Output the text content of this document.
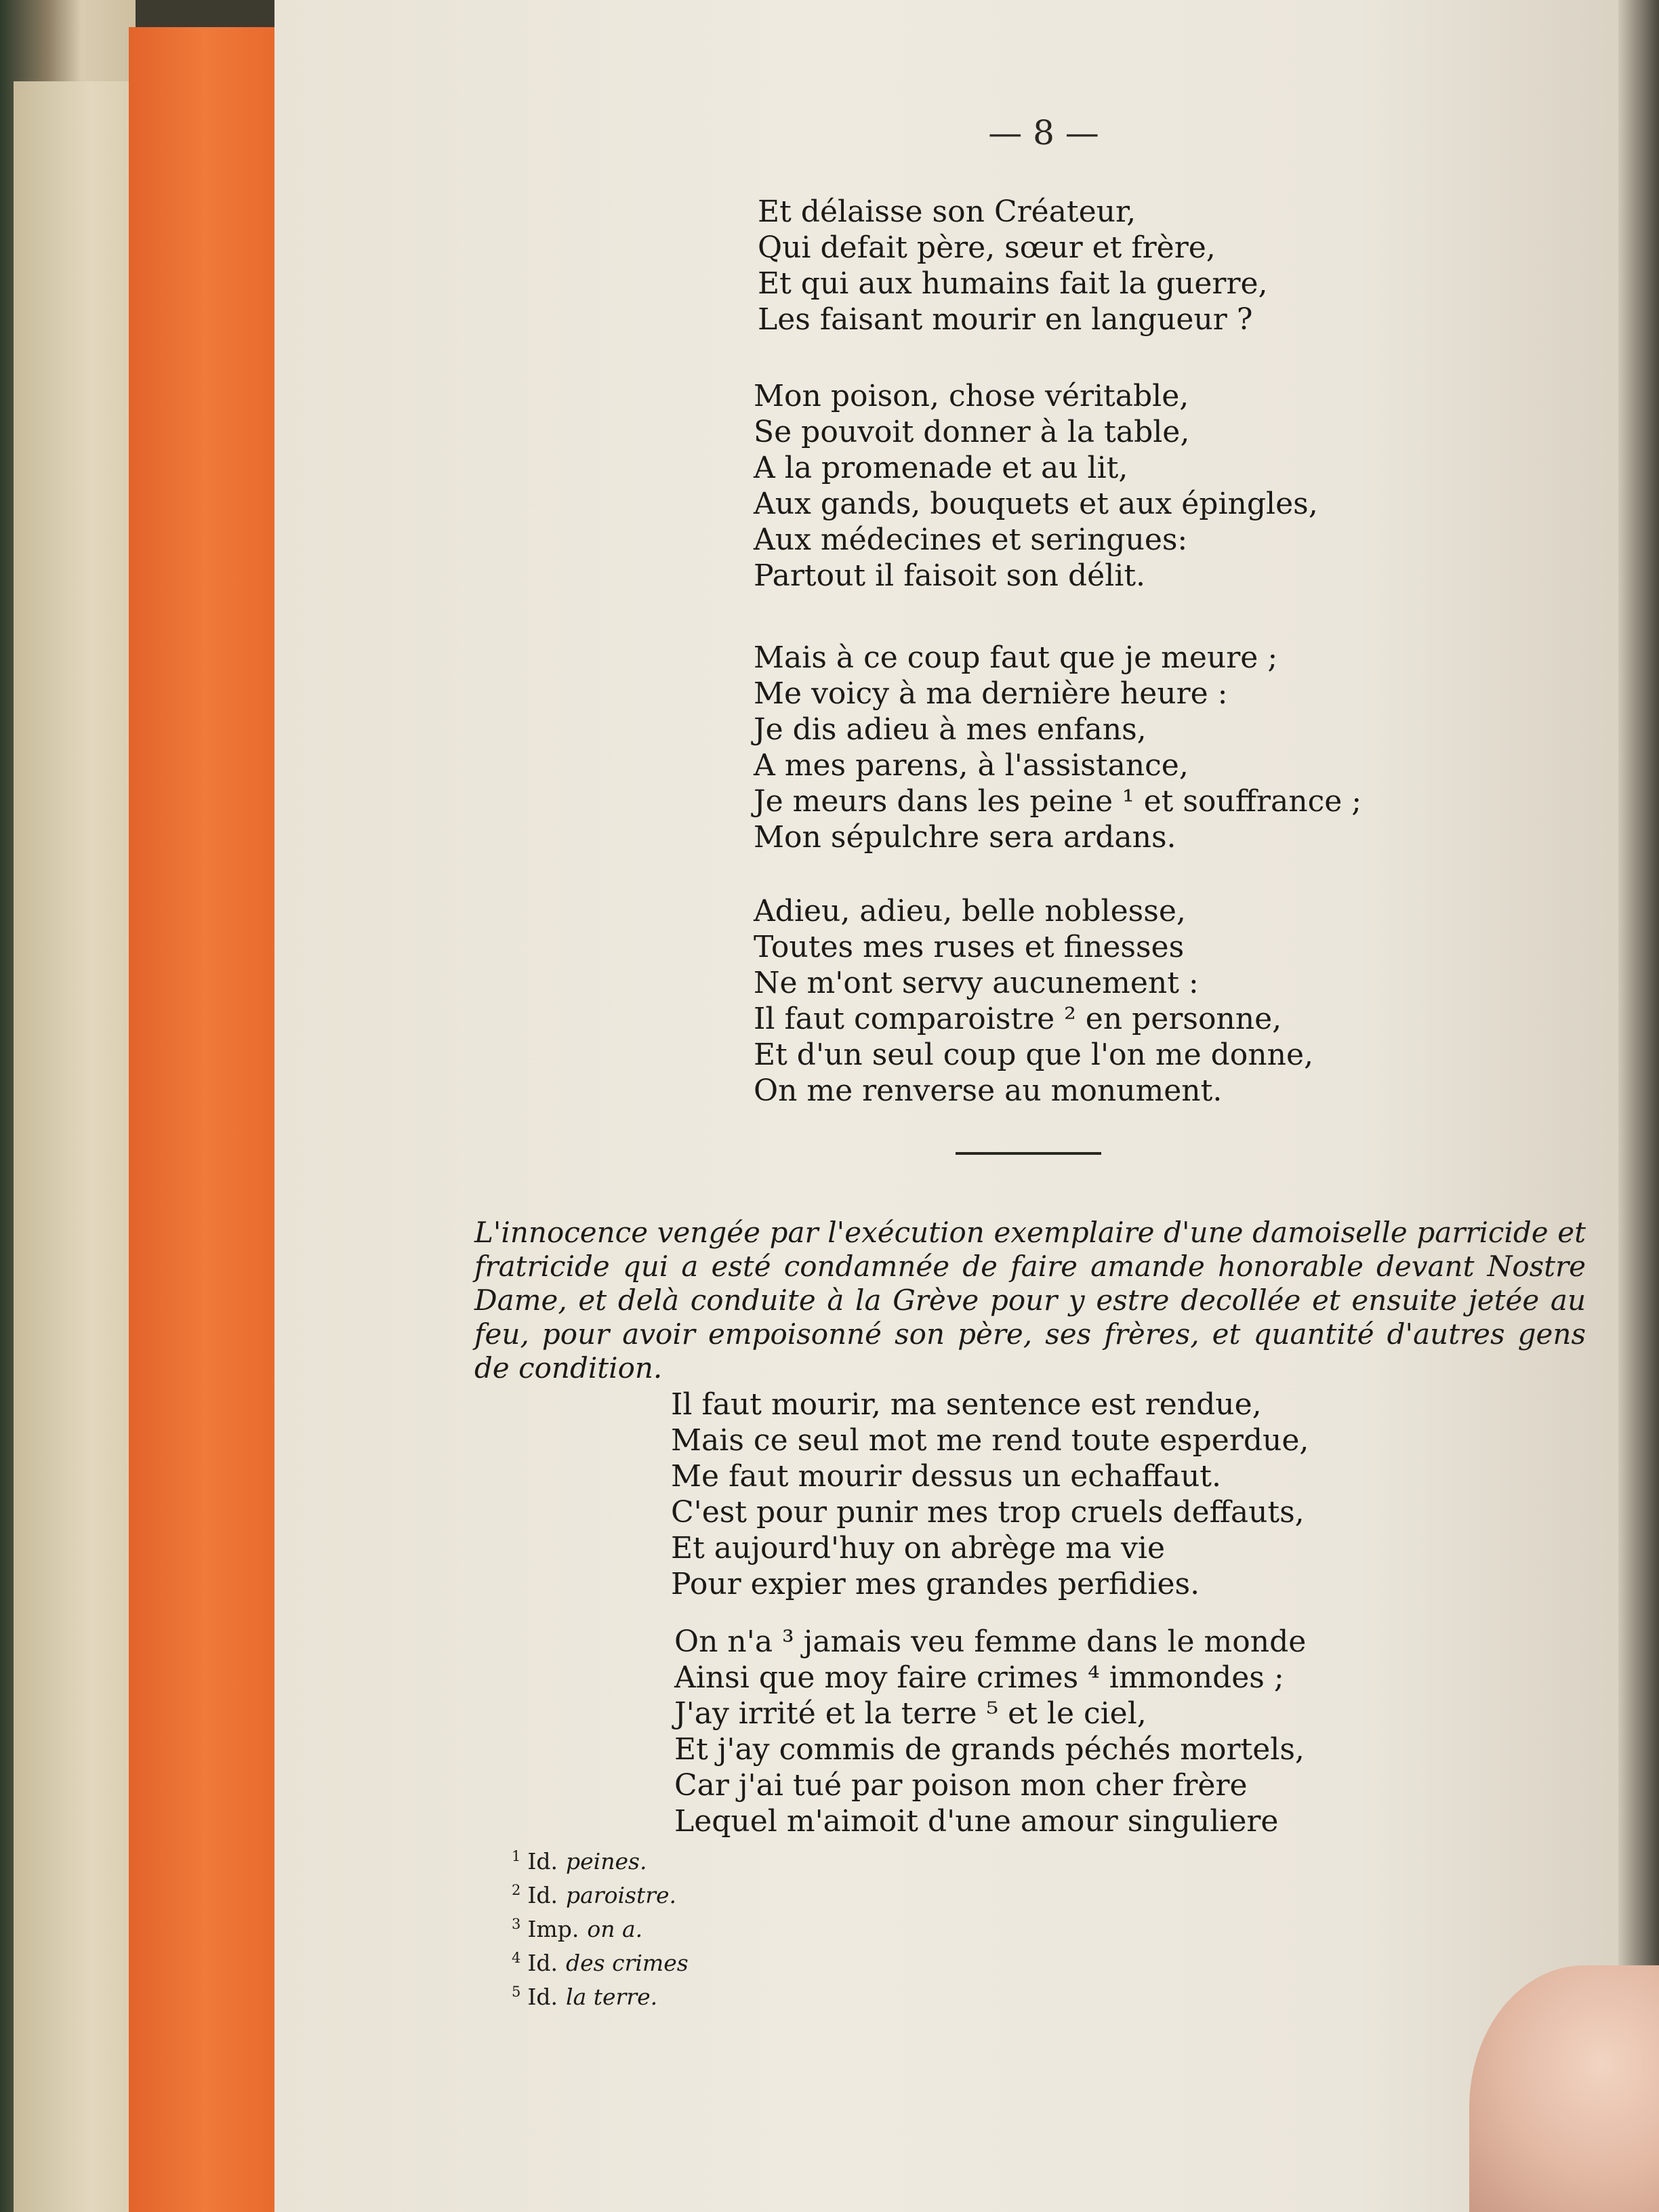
— 8 —
Et délaisse son Créateur,
Qui defait père, sœur et frère,
Et qui aux humains fait la guerre,
Les faisant mourir en langueur ?
Mon poison, chose véritable,
Se pouvoit donner à la table,
A la promenade et au lit,
Aux gands, bouquets et aux épingles,
Aux médecines et seringues:
Partout il faisoit son délit.
Mais à ce coup faut que je meure ;
Me voicy à ma dernière heure :
Je dis adieu à mes enfans,
A mes parens, à l'assistance,
Je meurs dans les peine ¹ et souffrance ;
Mon sépulchre sera ardans.
Adieu, adieu, belle noblesse,
Toutes mes ruses et finesses
Ne m'ont servy aucunement :
Il faut comparoistre ² en personne,
Et d'un seul coup que l'on me donne,
On me renverse au monument.

L'innocence vengée par l'exécution exemplaire d'une damoiselle parricide et fratricide qui a esté condamnée de faire amande honorable devant Nostre Dame, et delà conduite à la Grève pour y estre decollée et ensuite jetée au feu, pour avoir empoisonné son père, ses frères, et quantité d'autres gens de condition.

Il faut mourir, ma sentence est rendue,
Mais ce seul mot me rend toute esperdue,
Me faut mourir dessus un echaffaut.
C'est pour punir mes trop cruels deffauts,
Et aujourd'huy on abrège ma vie
Pour expier mes grandes perfidies.
On n'a ³ jamais veu femme dans le monde
Ainsi que moy faire crimes ⁴ immondes ;
J'ay irrité et la terre ⁵ et le ciel,
Et j'ay commis de grands péchés mortels,
Car j'ai tué par poison mon cher frère
Lequel m'aimoit d'une amour singuliere
$^1$ Id. peines.
$^2$ Id. paroistre.
$^3$ Imp. on a.
$^4$ Id. des crimes
$^5$ Id. la terre.
